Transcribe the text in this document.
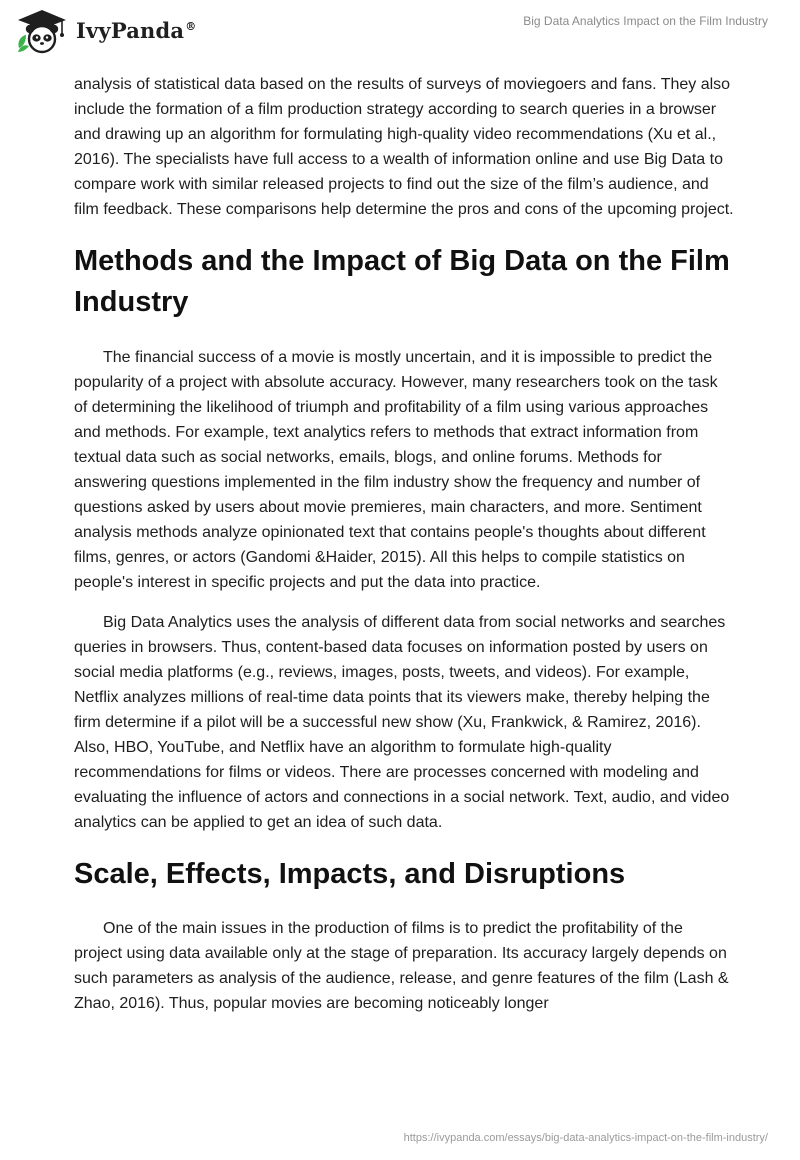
IvyPanda®	Big Data Analytics Impact on the Film Industry

analysis of statistical data based on the results of surveys of moviegoers and fans. They also include the formation of a film production strategy according to search queries in a browser and drawing up an algorithm for formulating high-quality video recommendations (Xu et al., 2016). The specialists have full access to a wealth of information online and use Big Data to compare work with similar released projects to find out the size of the film’s audience, and film feedback. These comparisons help determine the pros and cons of the upcoming project.

Methods and the Impact of Big Data on the Film Industry

The financial success of a movie is mostly uncertain, and it is impossible to predict the popularity of a project with absolute accuracy. However, many researchers took on the task of determining the likelihood of triumph and profitability of a film using various approaches and methods. For example, text analytics refers to methods that extract information from textual data such as social networks, emails, blogs, and online forums. Methods for answering questions implemented in the film industry show the frequency and number of questions asked by users about movie premieres, main characters, and more. Sentiment analysis methods analyze opinionated text that contains people's thoughts about different films, genres, or actors (Gandomi &Haider, 2015). All this helps to compile statistics on people's interest in specific projects and put the data into practice.

Big Data Analytics uses the analysis of different data from social networks and searches queries in browsers. Thus, content-based data focuses on information posted by users on social media platforms (e.g., reviews, images, posts, tweets, and videos). For example, Netflix analyzes millions of real-time data points that its viewers make, thereby helping the firm determine if a pilot will be a successful new show (Xu, Frankwick, & Ramirez, 2016). Also, HBO, YouTube, and Netflix have an algorithm to formulate high-quality recommendations for films or videos. There are processes concerned with modeling and evaluating the influence of actors and connections in a social network. Text, audio, and video analytics can be applied to get an idea of such data.

Scale, Effects, Impacts, and Disruptions

One of the main issues in the production of films is to predict the profitability of the project using data available only at the stage of preparation. Its accuracy largely depends on such parameters as analysis of the audience, release, and genre features of the film (Lash & Zhao, 2016). Thus, popular movies are becoming noticeably longer

https://ivypanda.com/essays/big-data-analytics-impact-on-the-film-industry/
